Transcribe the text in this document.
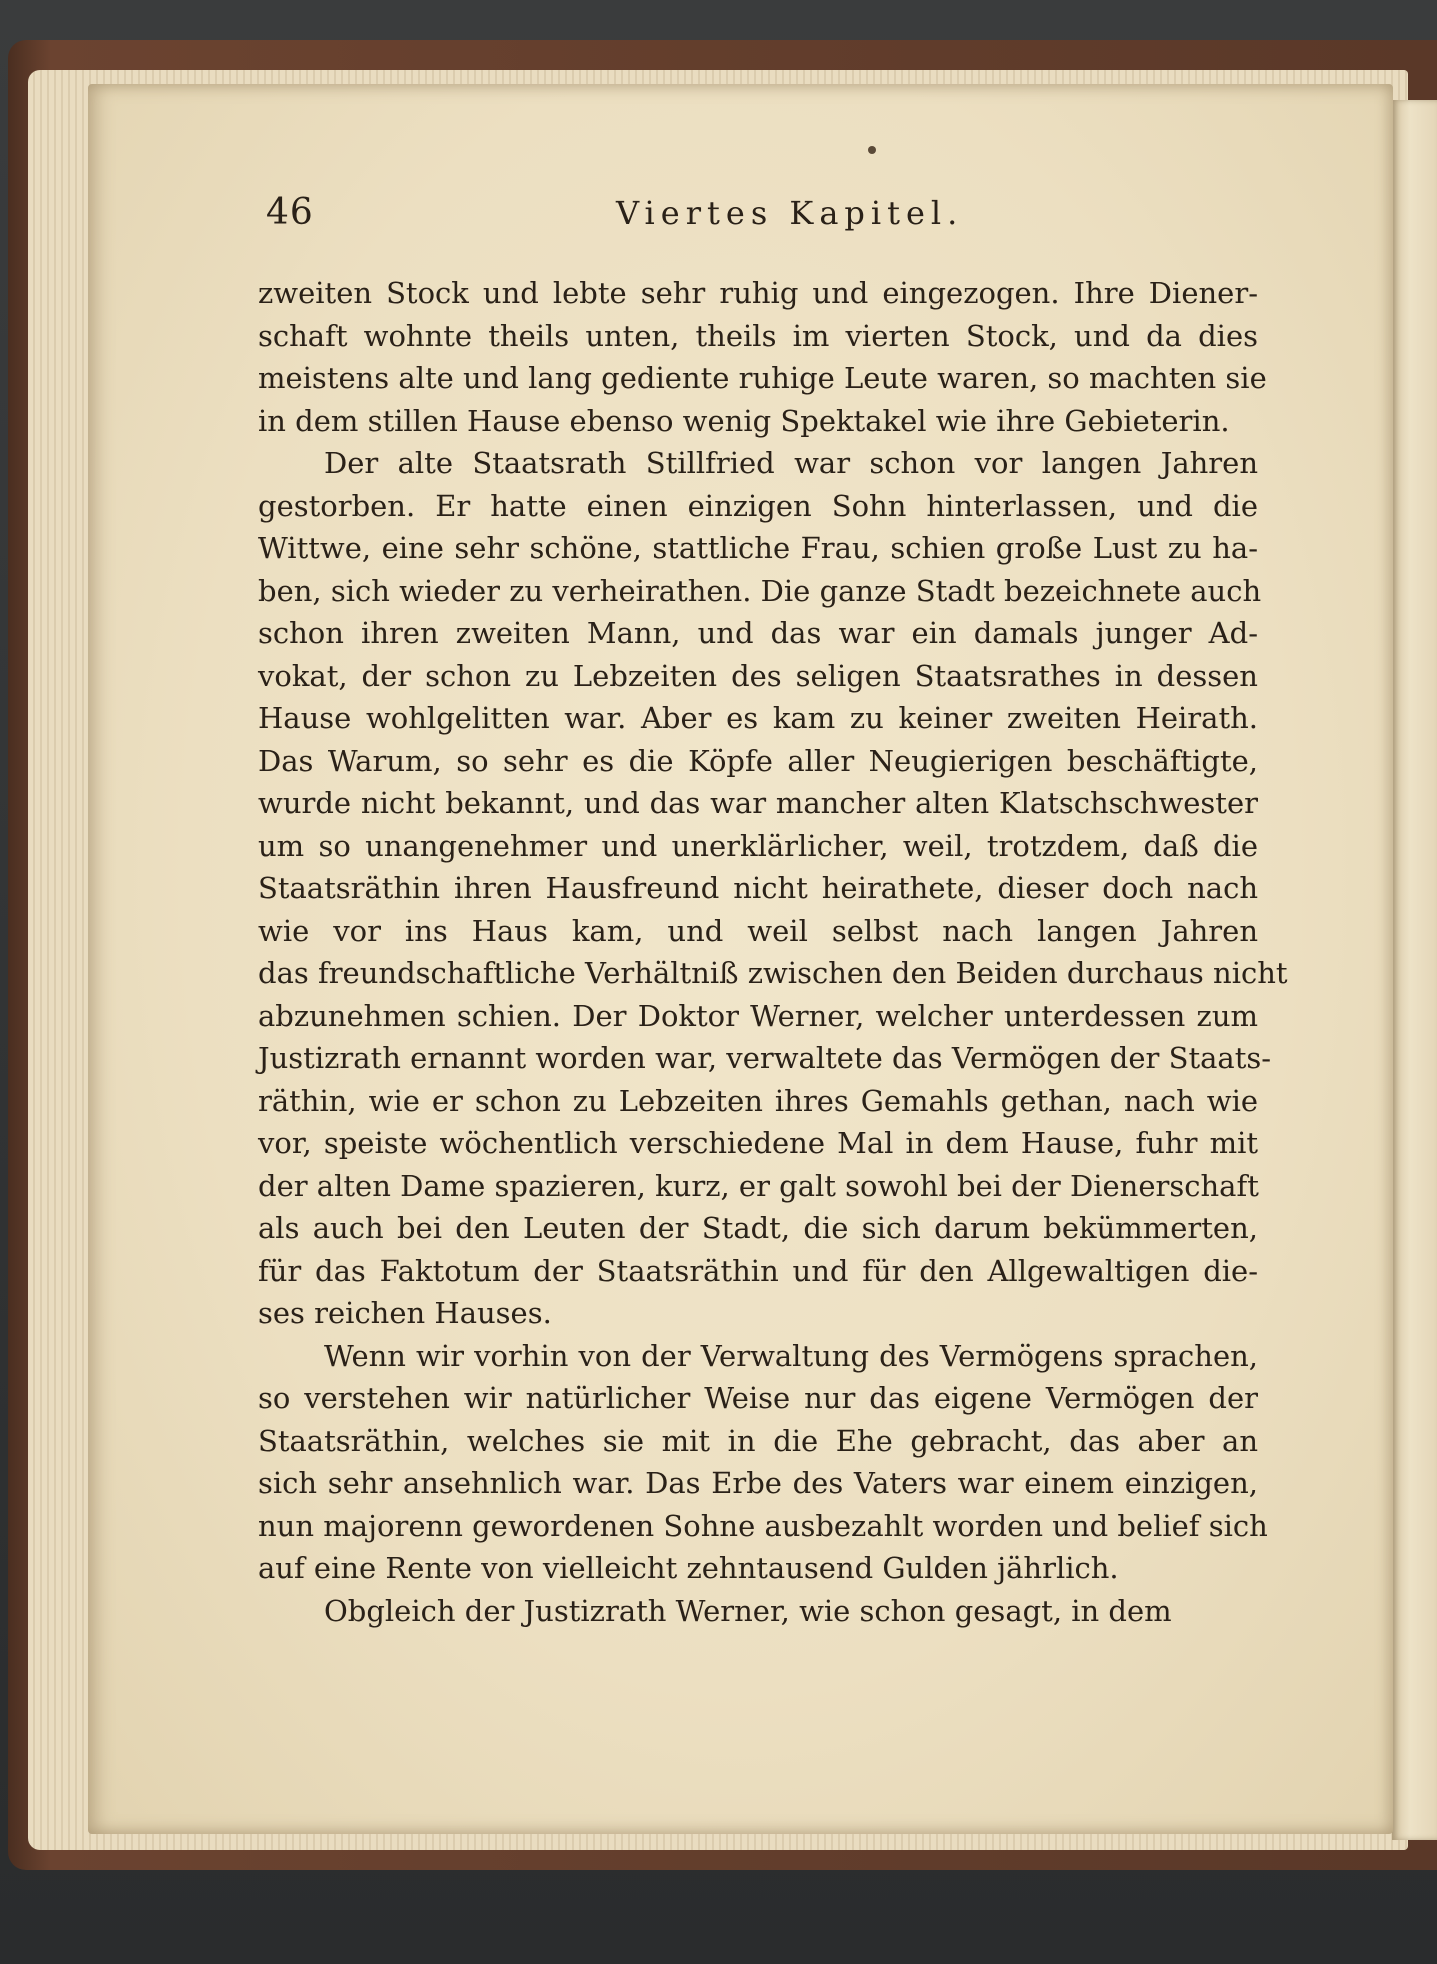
46	Viertes Kapitel.
zweiten Stock und lebte sehr ruhig und eingezogen. Ihre Diener-
schaft wohnte theils unten, theils im vierten Stock, und da dies
meistens alte und lang gediente ruhige Leute waren, so machten sie
in dem stillen Hause ebenso wenig Spektakel wie ihre Gebieterin.
Der alte Staatsrath Stillfried war schon vor langen Jahren
gestorben. Er hatte einen einzigen Sohn hinterlassen, und die
Wittwe, eine sehr schöne, stattliche Frau, schien große Lust zu ha-
ben, sich wieder zu verheirathen. Die ganze Stadt bezeichnete auch
schon ihren zweiten Mann, und das war ein damals junger Ad-
vokat, der schon zu Lebzeiten des seligen Staatsrathes in dessen
Hause wohlgelitten war. Aber es kam zu keiner zweiten Heirath.
Das Warum, so sehr es die Köpfe aller Neugierigen beschäftigte,
wurde nicht bekannt, und das war mancher alten Klatschschwester
um so unangenehmer und unerklärlicher, weil, trotzdem, daß die
Staatsräthin ihren Hausfreund nicht heirathete, dieser doch nach
wie vor ins Haus kam, und weil selbst nach langen Jahren
das freundschaftliche Verhältniß zwischen den Beiden durchaus nicht
abzunehmen schien. Der Doktor Werner, welcher unterdessen zum
Justizrath ernannt worden war, verwaltete das Vermögen der Staats-
räthin, wie er schon zu Lebzeiten ihres Gemahls gethan, nach wie
vor, speiste wöchentlich verschiedene Mal in dem Hause, fuhr mit
der alten Dame spazieren, kurz, er galt sowohl bei der Dienerschaft
als auch bei den Leuten der Stadt, die sich darum bekümmerten,
für das Faktotum der Staatsräthin und für den Allgewaltigen die-
ses reichen Hauses.
Wenn wir vorhin von der Verwaltung des Vermögens sprachen,
so verstehen wir natürlicher Weise nur das eigene Vermögen der
Staatsräthin, welches sie mit in die Ehe gebracht, das aber an
sich sehr ansehnlich war. Das Erbe des Vaters war einem einzigen,
nun majorenn gewordenen Sohne ausbezahlt worden und belief sich
auf eine Rente von vielleicht zehntausend Gulden jährlich.
Obgleich der Justizrath Werner, wie schon gesagt, in dem
